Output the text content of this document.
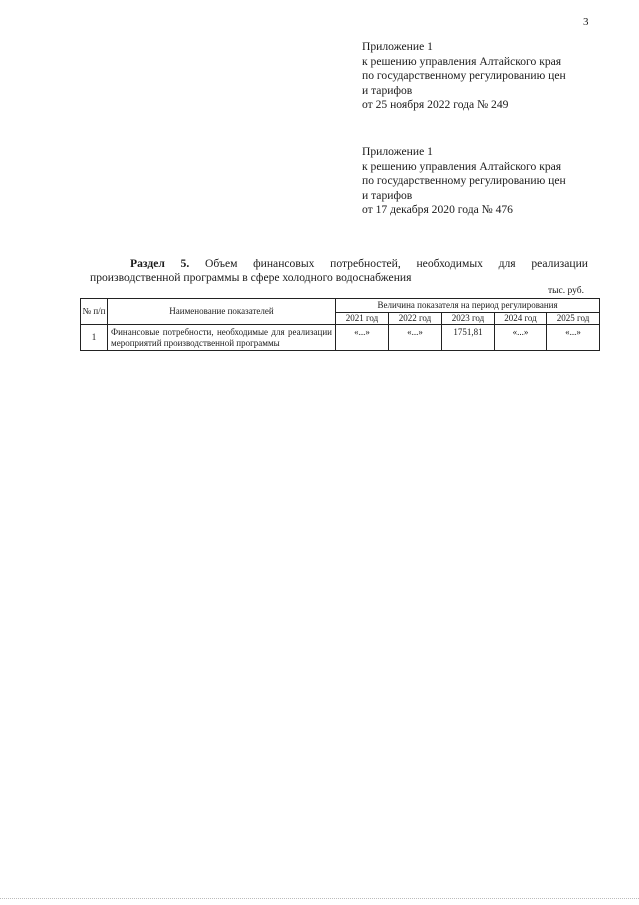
3
Приложение 1
к решению управления Алтайского края
по государственному регулированию цен
и тарифов
от 25 ноября 2022 года № 249
Приложение 1
к решению управления Алтайского края
по государственному регулированию цен
и тарифов
от 17 декабря 2020 года № 476
Раздел 5. Объем финансовых потребностей, необходимых для реализации производственной программы в сфере холодного водоснабжения
тыс. руб.
№ п/п	Наименование показателей	Величина показателя на период регулирования				
		2021 год	2022 год	2023 год	2024 год	2025 год
1	Финансовые потребности, необходимые для реализации мероприятий производственной программы	«...»	«...»	1751,81	«...»	«...»
